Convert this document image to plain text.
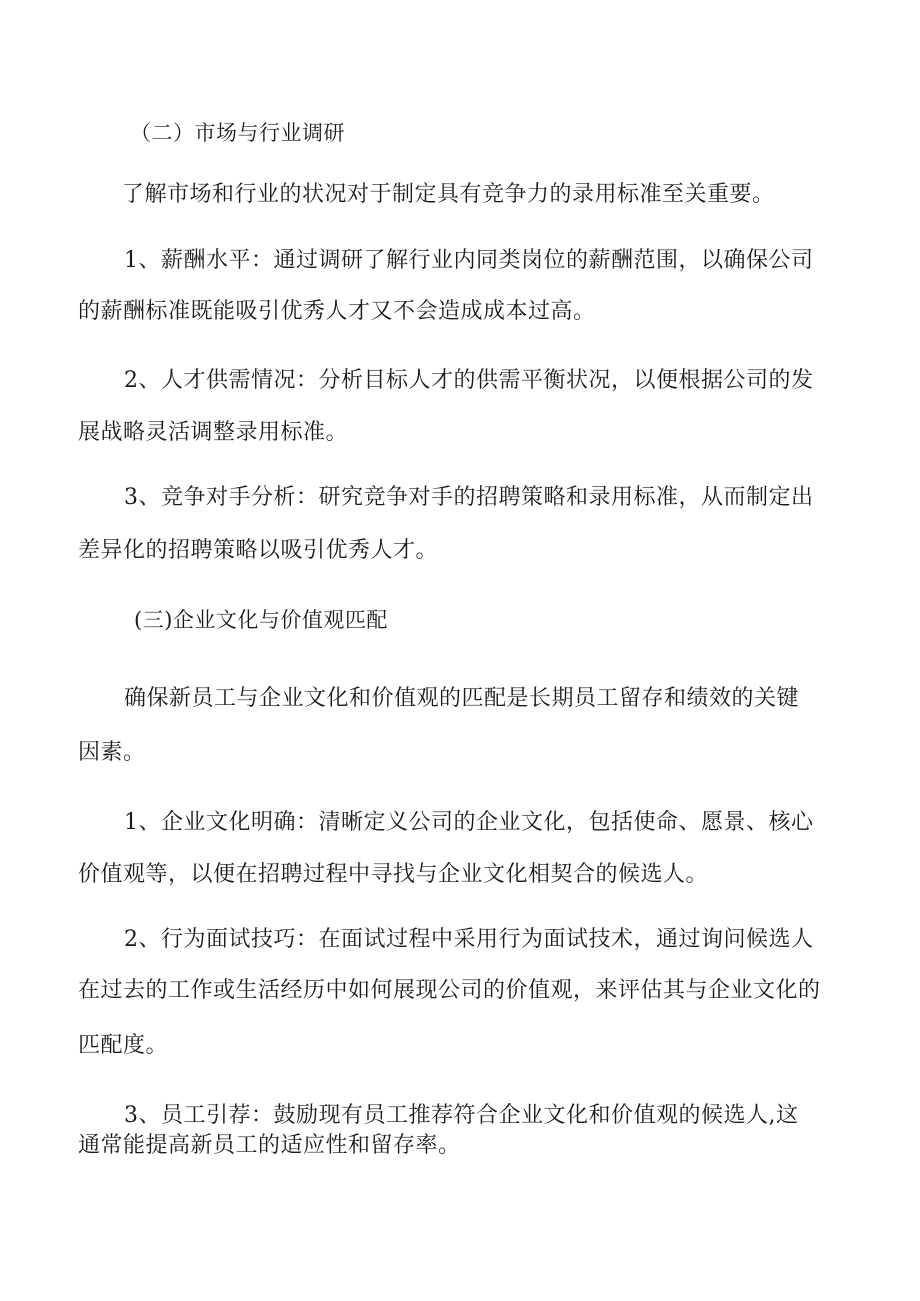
（二）市场与行业调研
了解市场和行业的状况对于制定具有竞争力的录用标准至关重要。
1、薪酬水平：通过调研了解行业内同类岗位的薪酬范围，以确保公司
的薪酬标准既能吸引优秀人才又不会造成成本过高。
2、人才供需情况：分析目标人才的供需平衡状况，以便根据公司的发
展战略灵活调整录用标准。
3、竞争对手分析：研究竞争对手的招聘策略和录用标准，从而制定出
差异化的招聘策略以吸引优秀人才。
(三)企业文化与价值观匹配
确保新员工与企业文化和价值观的匹配是长期员工留存和绩效的关键
因素。
1、企业文化明确：清晰定义公司的企业文化，包括使命、愿景、核心
价值观等，以便在招聘过程中寻找与企业文化相契合的候选人。
2、行为面试技巧：在面试过程中采用行为面试技术，通过询问候选人
在过去的工作或生活经历中如何展现公司的价值观，来评估其与企业文化的
匹配度。
3、员工引荐：鼓励现有员工推荐符合企业文化和价值观的候选人,这
通常能提高新员工的适应性和留存率。
